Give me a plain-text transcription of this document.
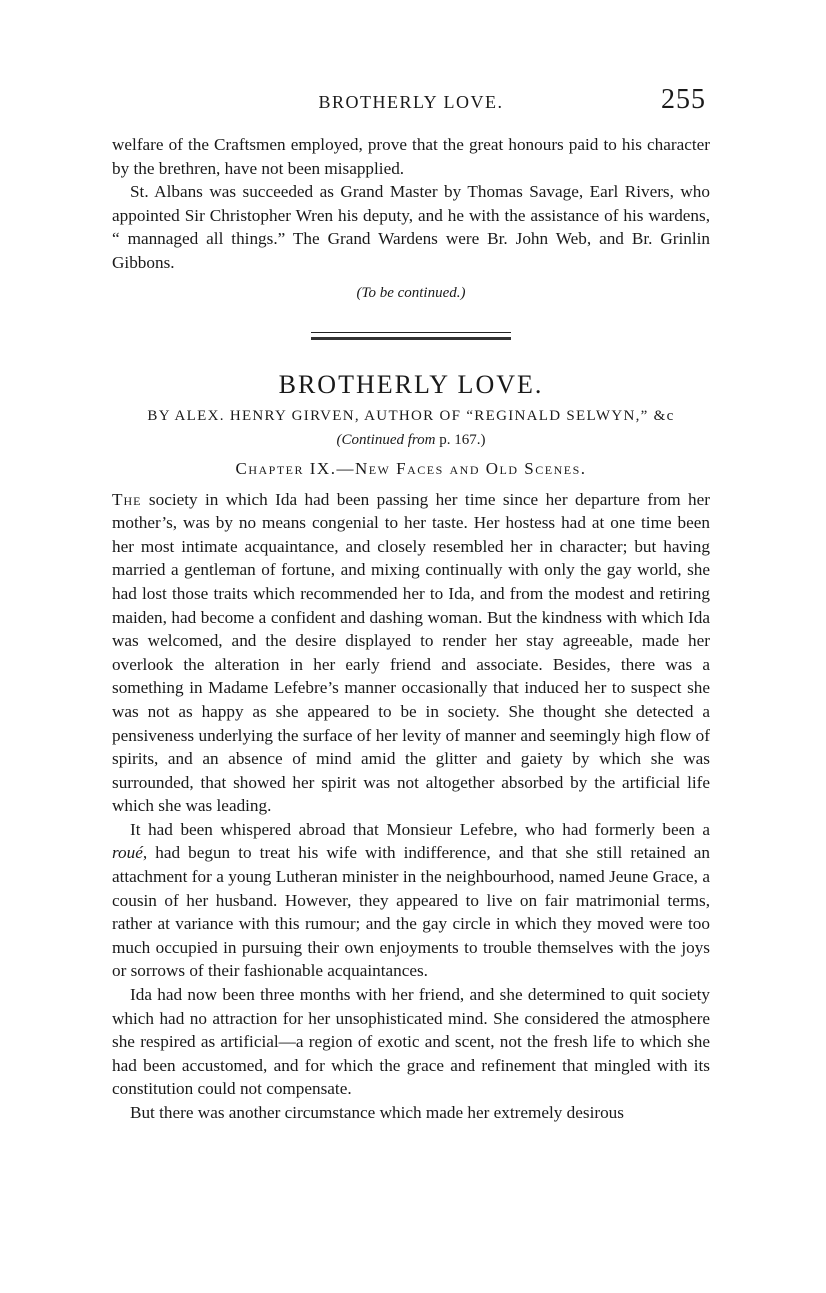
BROTHERLY LOVE.	255

welfare of the Craftsmen employed, prove that the great honours paid to his character by the brethren, have not been misapplied.

St. Albans was succeeded as Grand Master by Thomas Savage, Earl Rivers, who appointed Sir Christopher Wren his deputy, and he with the assistance of his wardens, “ mannaged all things.” The Grand Wardens were Br. John Web, and Br. Grinlin Gibbons.

(To be continued.)
BROTHERLY LOVE.
BY ALEX. HENRY GIRVEN, AUTHOR OF “REGINALD SELWYN,” &c
(Continued from p. 167.)
Chapter IX.—New Faces and Old Scenes.

The society in which Ida had been passing her time since her departure from her mother’s, was by no means congenial to her taste. Her hostess had at one time been her most intimate acquaintance, and closely resembled her in character; but having married a gentleman of fortune, and mixing continually with only the gay world, she had lost those traits which recommended her to Ida, and from the modest and retiring maiden, had become a confident and dashing woman. But the kindness with which Ida was welcomed, and the desire displayed to render her stay agreeable, made her overlook the alteration in her early friend and associate. Besides, there was a something in Madame Lefebre’s manner occasionally that induced her to suspect she was not as happy as she appeared to be in society. She thought she detected a pensiveness underlying the surface of her levity of manner and seemingly high flow of spirits, and an absence of mind amid the glitter and gaiety by which she was surrounded, that showed her spirit was not altogether absorbed by the artificial life which she was leading.

It had been whispered abroad that Monsieur Lefebre, who had formerly been a roué, had begun to treat his wife with indifference, and that she still retained an attachment for a young Lutheran minister in the neighbourhood, named Jeune Grace, a cousin of her husband. However, they appeared to live on fair matrimonial terms, rather at variance with this rumour; and the gay circle in which they moved were too much occupied in pursuing their own enjoyments to trouble themselves with the joys or sorrows of their fashionable acquaintances.

Ida had now been three months with her friend, and she determined to quit society which had no attraction for her unsophisticated mind. She considered the atmosphere she respired as artificial—a region of exotic and scent, not the fresh life to which she had been accustomed, and for which the grace and refinement that mingled with its constitution could not compensate.

But there was another circumstance which made her extremely desirous
